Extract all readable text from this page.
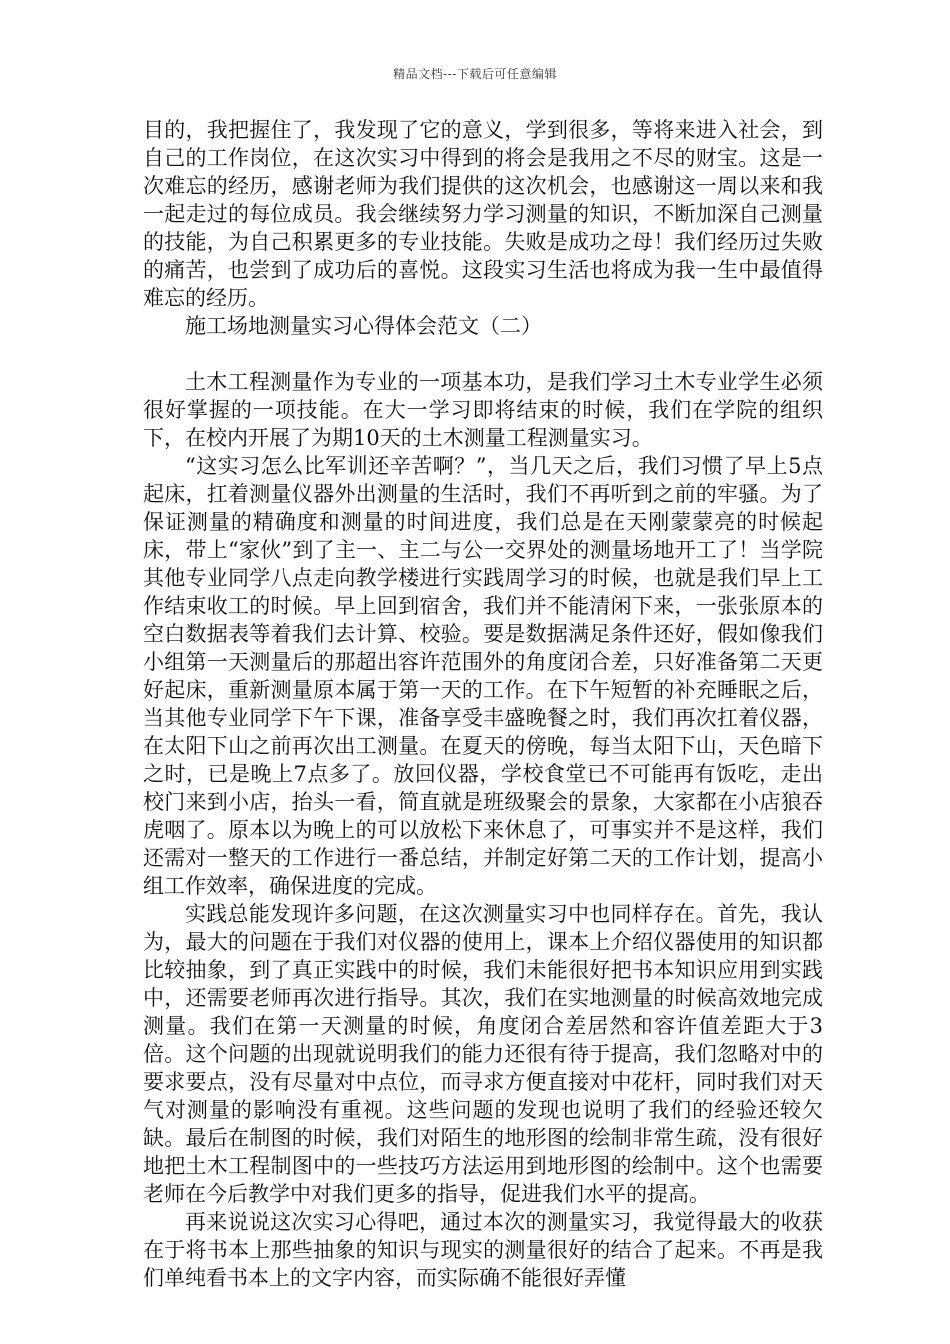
精品文档---下载后可任意编辑

目的，我把握住了，我发现了它的意义，学到很多，等将来进入社会，到自己的工作岗位，在这次实习中得到的将会是我用之不尽的财宝。这是一次难忘的经历，感谢老师为我们提供的这次机会，也感谢这一周以来和我一起走过的每位成员。我会继续努力学习测量的知识，不断加深自己测量的技能，为自己积累更多的专业技能。失败是成功之母！我们经历过失败的痛苦，也尝到了成功后的喜悦。这段实习生活也将成为我一生中最值得难忘的经历。

施工场地测量实习心得体会范文（二）

土木工程测量作为专业的一项基本功，是我们学习土木专业学生必须很好掌握的一项技能。在大一学习即将结束的时候，我们在学院的组织下，在校内开展了为期10天的土木测量工程测量实习。

“这实习怎么比军训还辛苦啊？”，当几天之后，我们习惯了早上5点起床，扛着测量仪器外出测量的生活时，我们不再听到之前的牢骚。为了保证测量的精确度和测量的时间进度，我们总是在天刚蒙蒙亮的时候起床，带上“家伙”到了主一、主二与公一交界处的测量场地开工了！当学院其他专业同学八点走向教学楼进行实践周学习的时候，也就是我们早上工作结束收工的时候。早上回到宿舍，我们并不能清闲下来，一张张原本的空白数据表等着我们去计算、校验。要是数据满足条件还好，假如像我们小组第一天测量后的那超出容许范围外的角度闭合差，只好准备第二天更好起床，重新测量原本属于第一天的工作。在下午短暂的补充睡眠之后，当其他专业同学下午下课，准备享受丰盛晚餐之时，我们再次扛着仪器，在太阳下山之前再次出工测量。在夏天的傍晚，每当太阳下山，天色暗下之时，已是晚上7点多了。放回仪器，学校食堂已不可能再有饭吃，走出校门来到小店，抬头一看，简直就是班级聚会的景象，大家都在小店狼吞虎咽了。原本以为晚上的可以放松下来休息了，可事实并不是这样，我们还需对一整天的工作进行一番总结，并制定好第二天的工作计划，提高小组工作效率，确保进度的完成。

实践总能发现许多问题，在这次测量实习中也同样存在。首先，我认为，最大的问题在于我们对仪器的使用上，课本上介绍仪器使用的知识都比较抽象，到了真正实践中的时候，我们未能很好把书本知识应用到实践中，还需要老师再次进行指导。其次，我们在实地测量的时候高效地完成测量。我们在第一天测量的时候，角度闭合差居然和容许值差距大于3倍。这个问题的出现就说明我们的能力还很有待于提高，我们忽略对中的要求要点，没有尽量对中点位，而寻求方便直接对中花杆，同时我们对天气对测量的影响没有重视。这些问题的发现也说明了我们的经验还较欠缺。最后在制图的时候，我们对陌生的地形图的绘制非常生疏，没有很好地把土木工程制图中的一些技巧方法运用到地形图的绘制中。这个也需要老师在今后教学中对我们更多的指导，促进我们水平的提高。

再来说说这次实习心得吧，通过本次的测量实习，我觉得最大的收获在于将书本上那些抽象的知识与现实的测量很好的结合了起来。不再是我们单纯看书本上的文字内容，而实际确不能很好弄懂
